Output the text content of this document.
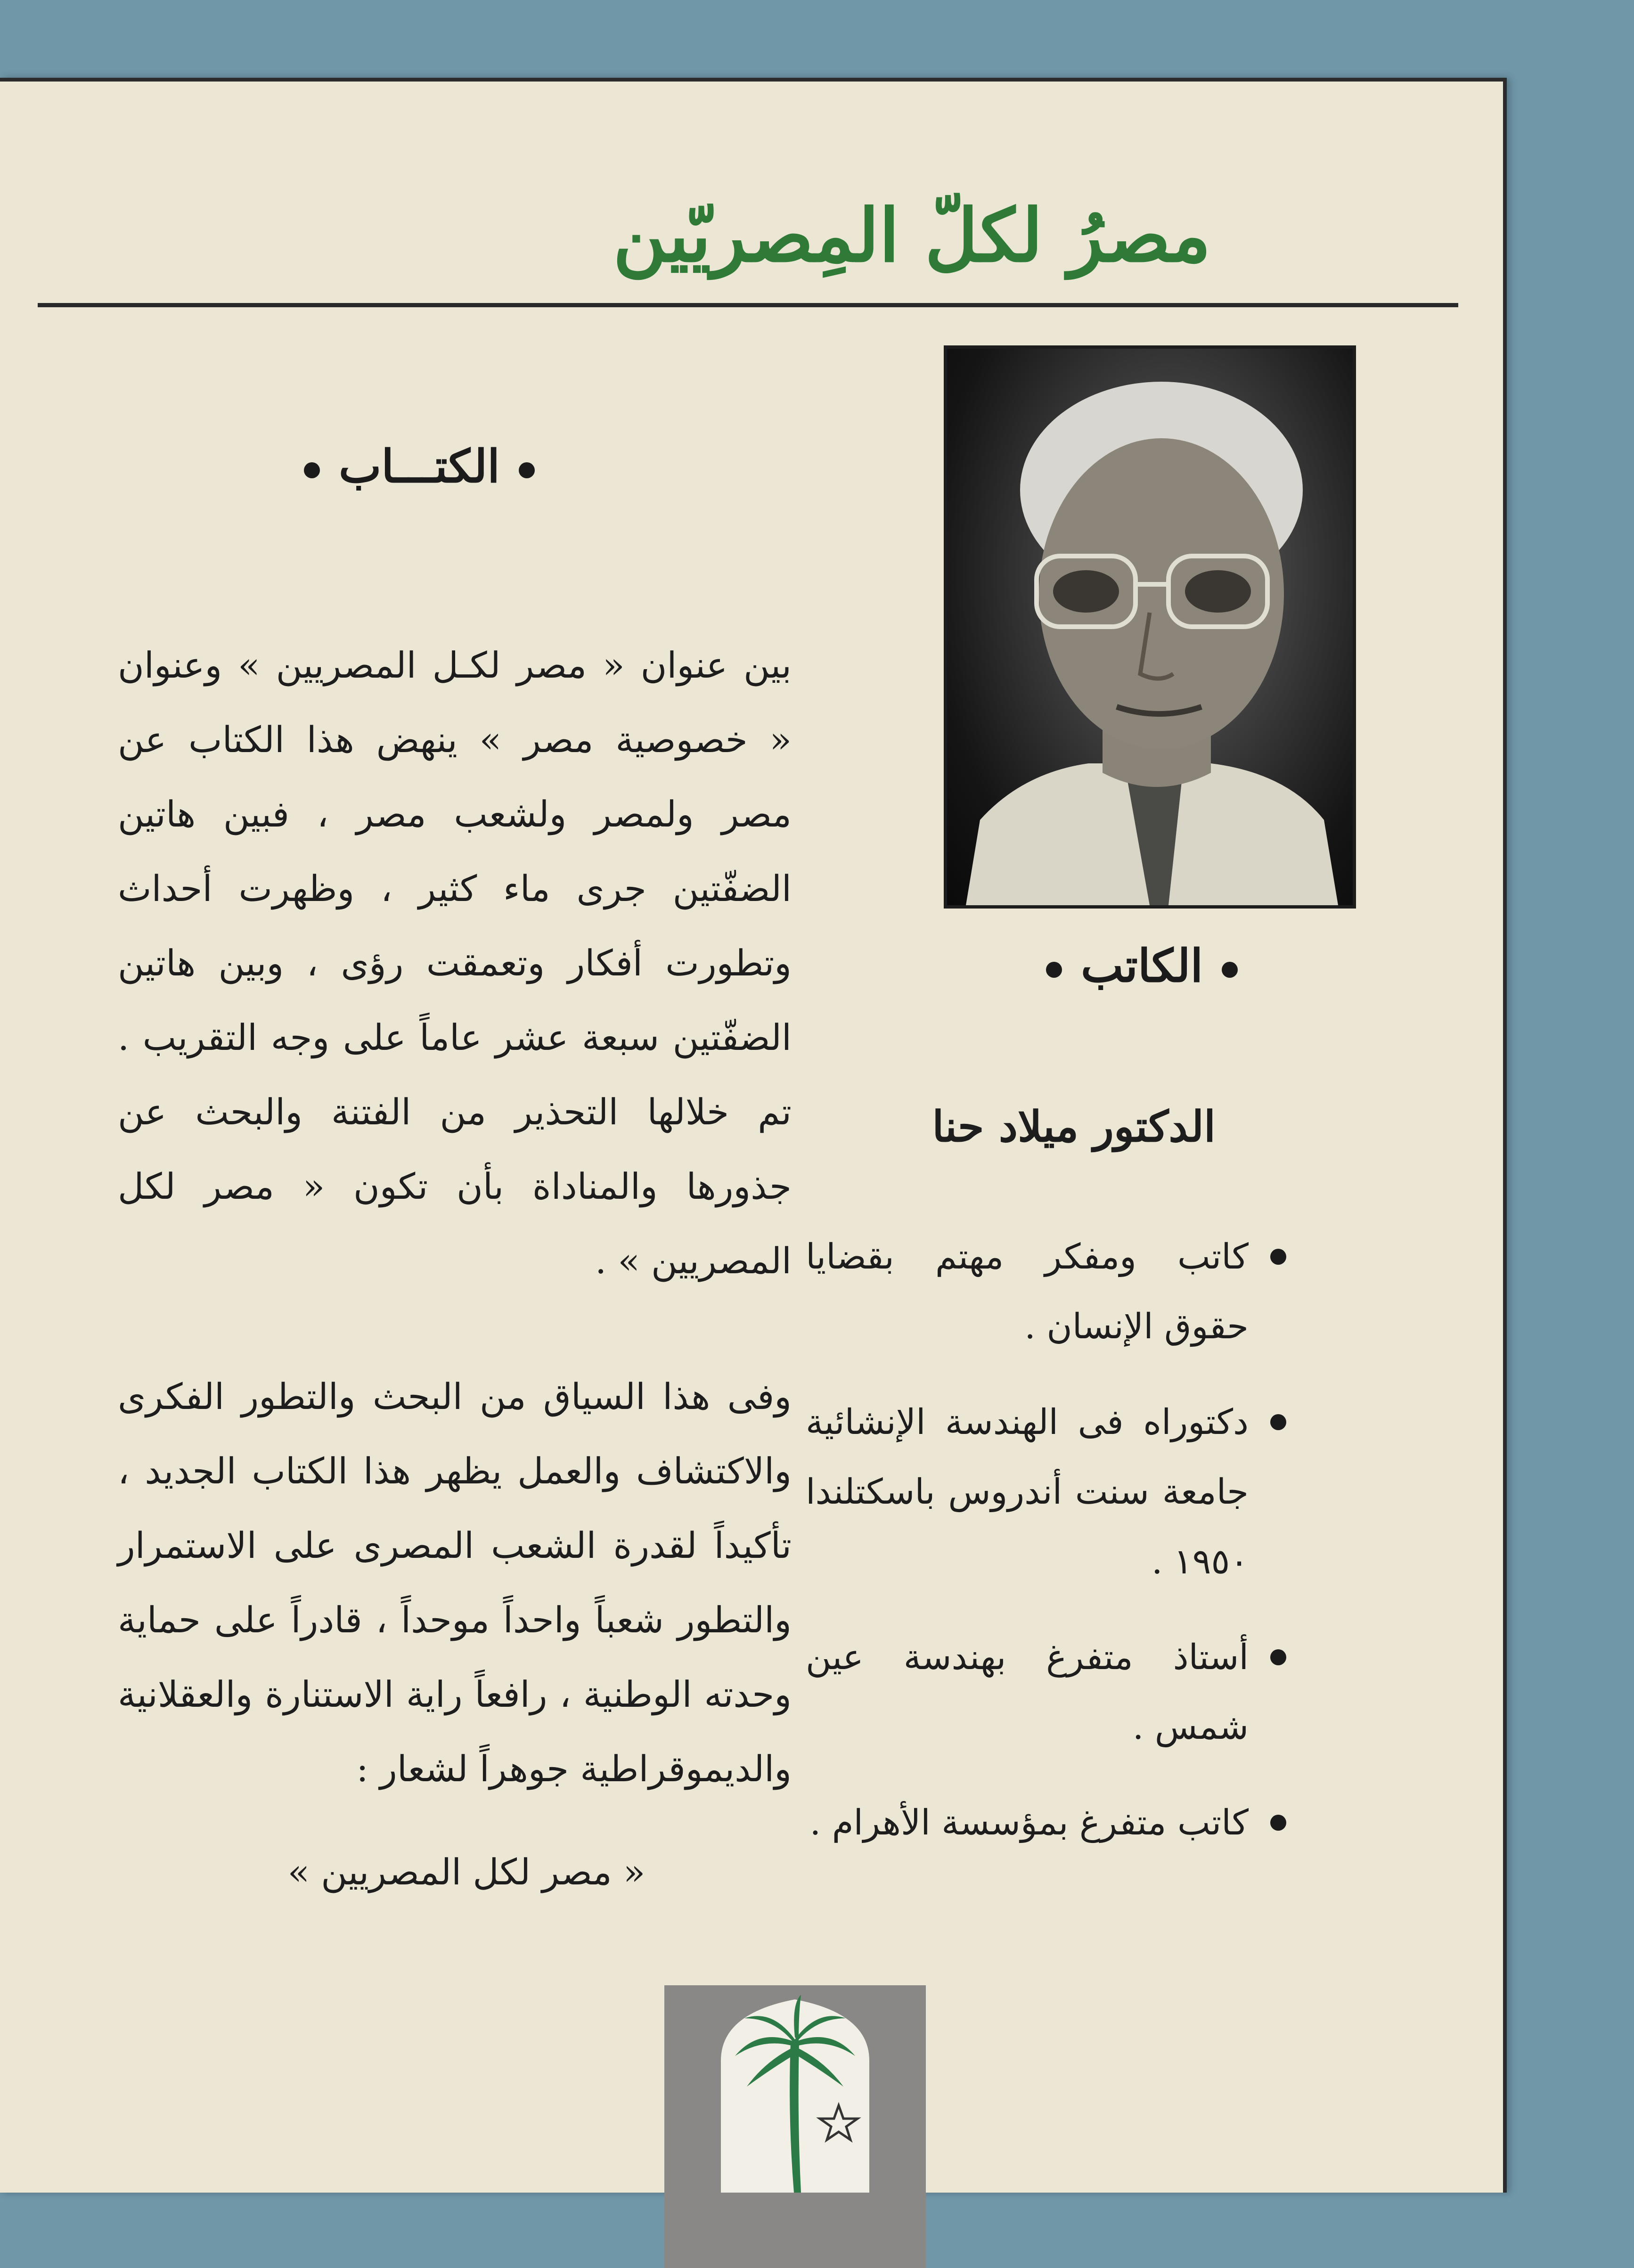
مصرُ لكلّ المِصريّين
الكتـــاب

بين عنوان « مصر لكـل المصريين » وعنوان « خصوصية مصر » ينهض هذا الكتاب عن مصر ولمصر ولشعب مصر ، فبين هاتين الضفّتين جرى ماء كثير ، وظهرت أحداث وتطورت أفكار وتعمقت رؤى ، وبين هاتين الضفّتين سبعة عشر عاماً على وجه التقريب . تم خلالها التحذير من الفتنة والبحث عن جذورها والمناداة بأن تكون « مصر لكل المصريين » .

وفى هذا السياق من البحث والتطور الفكرى والاكتشاف والعمل يظهر هذا الكتاب الجديد ، تأكيداً لقدرة الشعب المصرى على الاستمرار والتطور شعباً واحداً موحداً ، قادراً على حماية وحدته الوطنية ، رافعاً راية الاستنارة والعقلانية والديموقراطية جوهراً لشعار :

« مصر لكل المصريين »
الكاتب
الدكتور ميلاد حنا
كاتب ومفكر مهتم بقضايا حقوق الإنسان .
دكتوراه فى الهندسة الإنشائية جامعة سنت أندروس باسكتلندا ١٩٥٠ .
أستاذ متفرغ بهندسة عين شمس .
كاتب متفرغ بمؤسسة الأهرام .
